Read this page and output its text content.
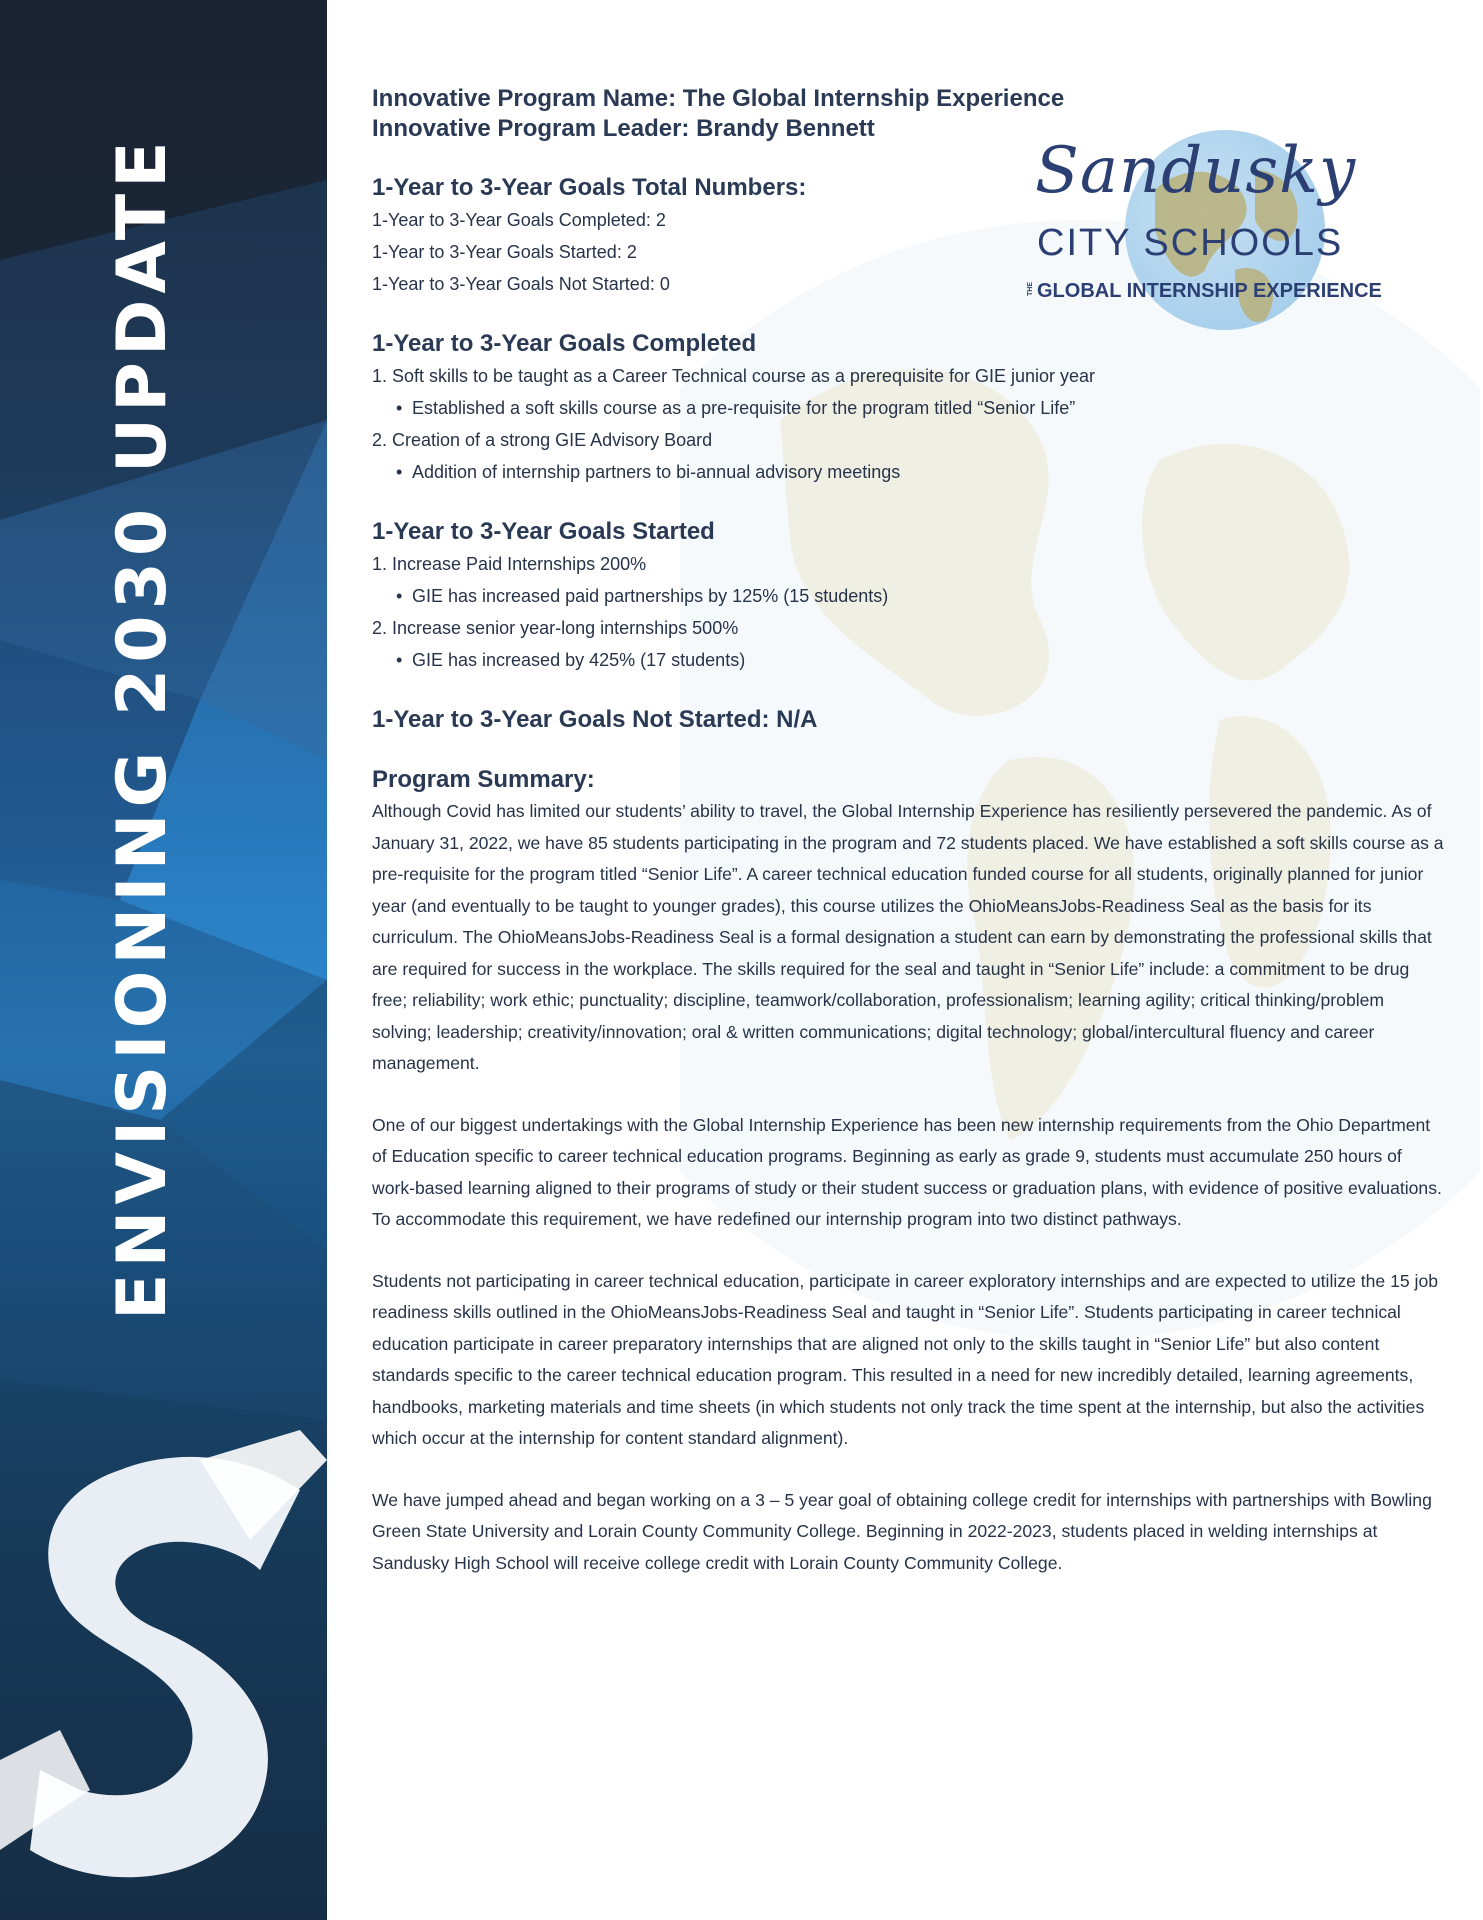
ENVISIONING 2030 UPDATE	Sandusky
CITY SCHOOLS
THE GLOBAL INTERNSHIP EXPERIENCE

Innovative Program Name: The Global Internship Experience

Innovative Program Leader: Brandy Bennett

1-Year to 3-Year Goals Total Numbers:

1-Year to 3-Year Goals Completed: 2

1-Year to 3-Year Goals Started: 2

1-Year to 3-Year Goals Not Started: 0

1-Year to 3-Year Goals Completed

1. Soft skills to be taught as a Career Technical course as a prerequisite for GIE junior year

• Established a soft skills course as a pre-requisite for the program titled “Senior Life”

2. Creation of a strong GIE Advisory Board

• Addition of internship partners to bi-annual advisory meetings

1-Year to 3-Year Goals Started

1. Increase Paid Internships 200%

• GIE has increased paid partnerships by 125% (15 students)

2. Increase senior year-long internships 500%

• GIE has increased by 425% (17 students)

1-Year to 3-Year Goals Not Started: N/A
Program Summary:

Although Covid has limited our students’ ability to travel, the Global Internship Experience has resiliently persevered the pandemic. As of January 31, 2022, we have 85 students participating in the program and 72 students placed. We have established a soft skills course as a pre-requisite for the program titled “Senior Life”. A career technical education funded course for all students, originally planned for junior year (and eventually to be taught to younger grades), this course utilizes the OhioMeansJobs-Readiness Seal as the basis for its curriculum. The OhioMeansJobs-Readiness Seal is a formal designation a student can earn by demonstrating the professional skills that are required for success in the workplace. The skills required for the seal and taught in “Senior Life” include: a commitment to be drug free; reliability; work ethic; punctuality; discipline, teamwork/collaboration, professionalism; learning agility; critical thinking/problem solving; leadership; creativity/innovation; oral & written communications; digital technology; global/intercultural fluency and career management.

One of our biggest undertakings with the Global Internship Experience has been new internship requirements from the Ohio Department of Education specific to career technical education programs. Beginning as early as grade 9, students must accumulate 250 hours of work-based learning aligned to their programs of study or their student success or graduation plans, with evidence of positive evaluations. To accommodate this requirement, we have redefined our internship program into two distinct pathways.

Students not participating in career technical education, participate in career exploratory internships and are expected to utilize the 15 job readiness skills outlined in the OhioMeansJobs-Readiness Seal and taught in “Senior Life”. Students participating in career technical education participate in career preparatory internships that are aligned not only to the skills taught in “Senior Life” but also content standards specific to the career technical education program. This resulted in a need for new incredibly detailed, learning agreements, handbooks, marketing materials and time sheets (in which students not only track the time spent at the internship, but also the activities which occur at the internship for content standard alignment).

We have jumped ahead and began working on a 3 – 5 year goal of obtaining college credit for internships with partnerships with Bowling Green State University and Lorain County Community College. Beginning in 2022-2023, students placed in welding internships at Sandusky High School will receive college credit with Lorain County Community College.
